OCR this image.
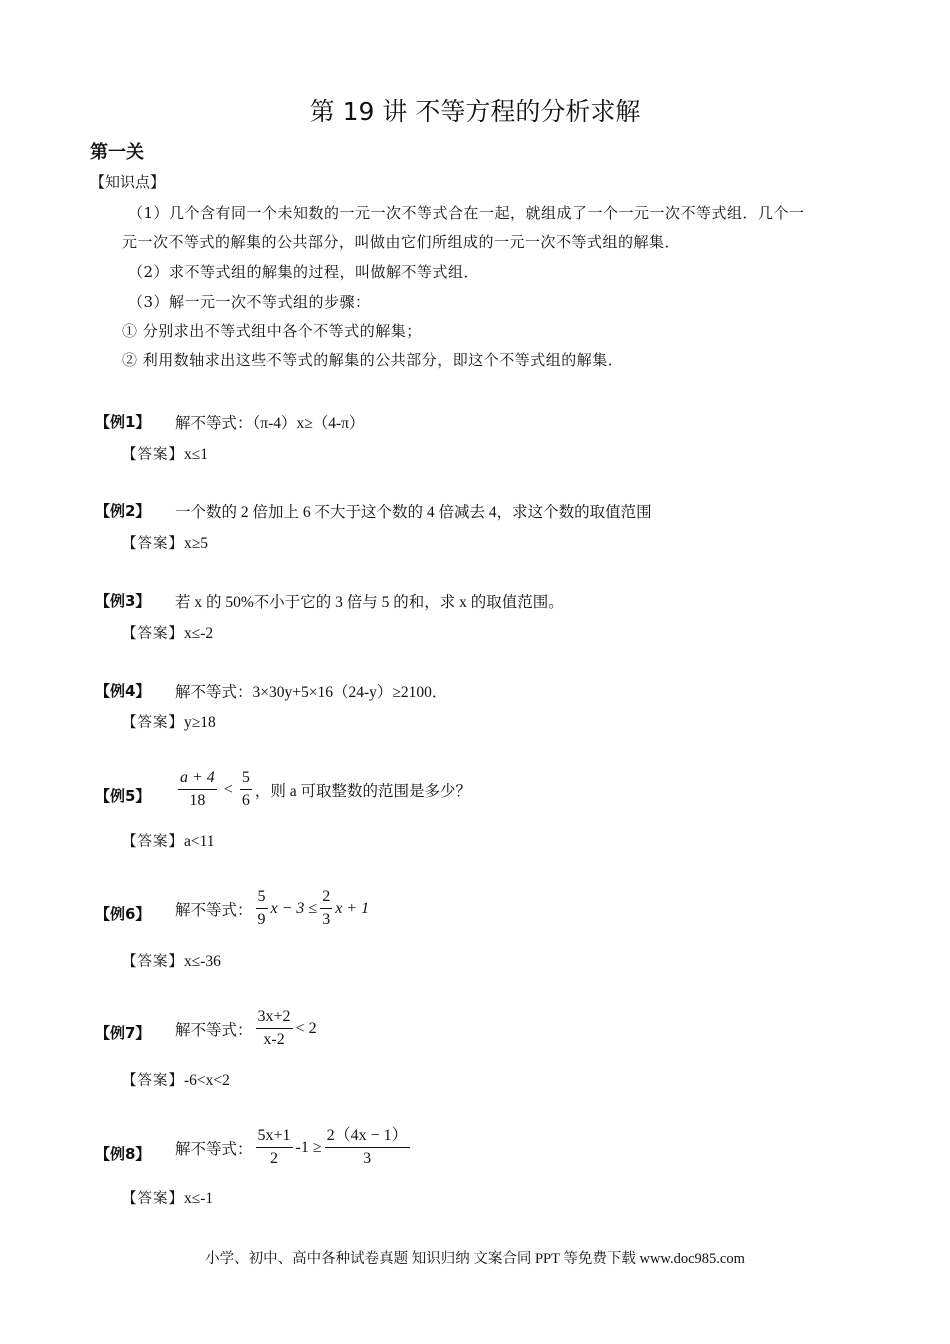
第 19 讲 不等方程的分析求解
第一关
【知识点】
（1）几个含有同一个未知数的一元一次不等式合在一起，就组成了一个一元一次不等式组．几个一
元一次不等式的解集的公共部分，叫做由它们所组成的一元一次不等式组的解集．
（2）求不等式组的解集的过程，叫做解不等式组．
（3）解一元一次不等式组的步骤：
① 分别求出不等式组中各个不等式的解集；
② 利用数轴求出这些不等式的解集的公共部分，即这个不等式组的解集．
【例1】 解不等式：（π-4）x≥（4-π）
【答案】x≤1
【例2】 一个数的 2 倍加上 6 不大于这个数的 4 倍减去 4，求这个数的取值范围
【答案】x≥5
【例3】 若 x 的 50%不小于它的 3 倍与 5 的和，求 x 的取值范围。
【答案】x≤-2
【例4】 解不等式：3×30y+5×16（24-y）≥2100．
【答案】y≥18
【例5】 $\frac{a + 4}{18} < \frac{5}{6}$ ，则 a 可取整数的范围是多少？
【答案】a<11
【例6】 解不等式： $\frac{5}{9}$ $x - 3 \le \frac{2}{3}$ x + 1
【答案】x≤-36
【例7】 解不等式： $\frac{3x+2}{x-2} < 2$
【答案】-6<x<2
【例8】 解不等式： $\frac{5x+1}{2} -1 \ge \frac{2(4x - 1)}{3}$
【答案】x≤-1
小学、初中、高中各种试卷真题 知识归纳 文案合同 PPT 等免费下载 www.doc985.com
